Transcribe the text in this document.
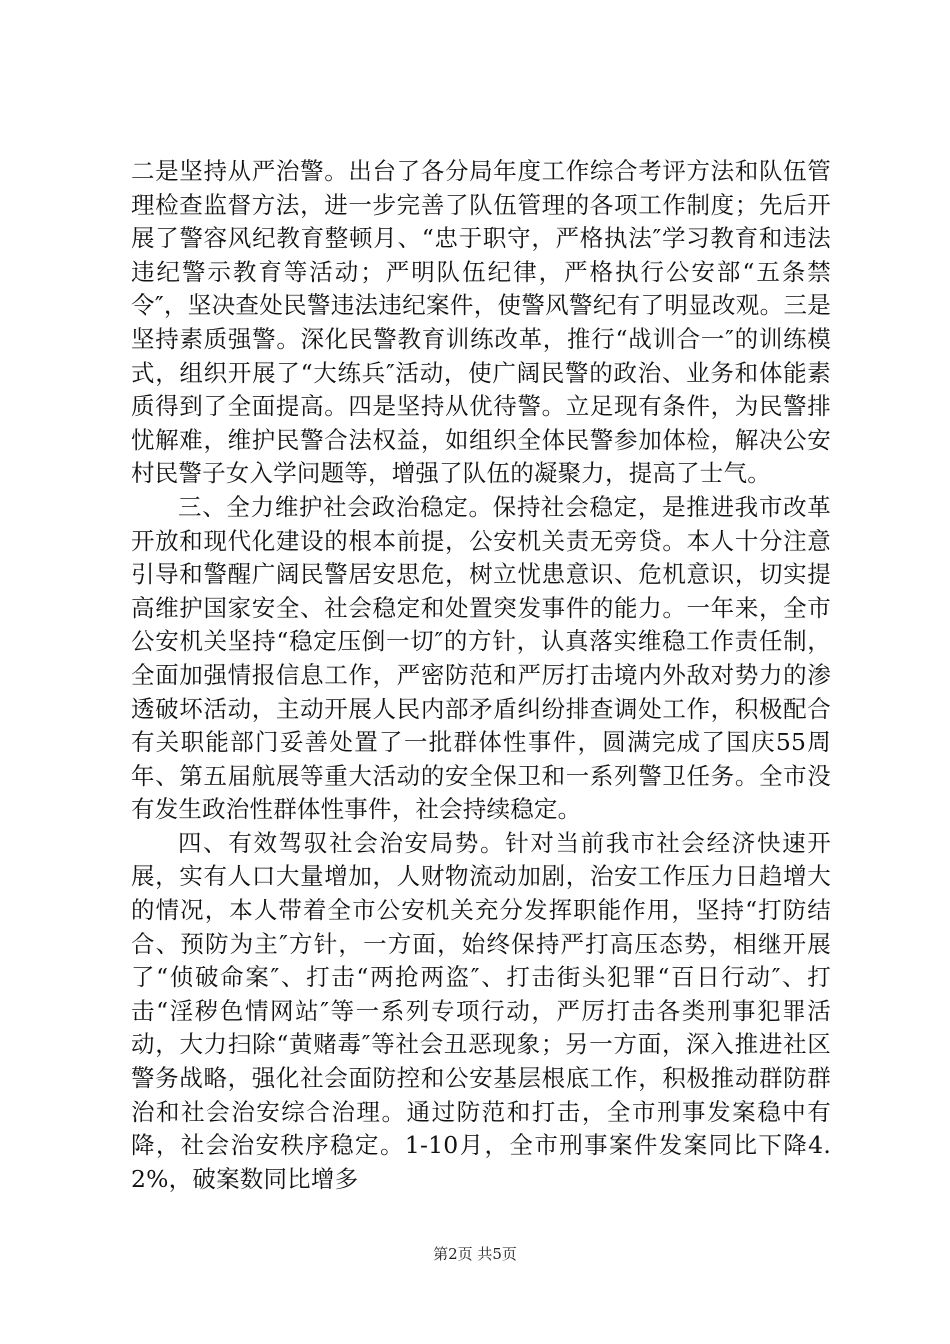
二是坚持从严治警。出台了各分局年度工作综合考评方法和队伍管理检查监督方法，进一步完善了队伍管理的各项工作制度；先后开展了警容风纪教育整顿月、“忠于职守，严格执法″学习教育和违法违纪警示教育等活动；严明队伍纪律，严格执行公安部“五条禁令″，坚决查处民警违法违纪案件，使警风警纪有了明显改观。三是坚持素质强警。深化民警教育训练改革，推行“战训合一″的训练模式，组织开展了“大练兵″活动，使广阔民警的政治、业务和体能素质得到了全面提高。四是坚持从优待警。立足现有条件，为民警排忧解难，维护民警合法权益，如组织全体民警参加体检，解决公安村民警子女入学问题等，增强了队伍的凝聚力，提高了士气。

三、全力维护社会政治稳定。保持社会稳定，是推进我市改革开放和现代化建设的根本前提，公安机关责无旁贷。本人十分注意引导和警醒广阔民警居安思危，树立忧患意识、危机意识，切实提高维护国家安全、社会稳定和处置突发事件的能力。一年来，全市公安机关坚持“稳定压倒一切″的方针，认真落实维稳工作责任制，全面加强情报信息工作，严密防范和严厉打击境内外敌对势力的渗透破坏活动，主动开展人民内部矛盾纠纷排查调处工作，积极配合有关职能部门妥善处置了一批群体性事件，圆满完成了国庆55周年、第五届航展等重大活动的安全保卫和一系列警卫任务。全市没有发生政治性群体性事件，社会持续稳定。

四、有效驾驭社会治安局势。针对当前我市社会经济快速开展，实有人口大量增加，人财物流动加剧，治安工作压力日趋增大的情况，本人带着全市公安机关充分发挥职能作用，坚持“打防结合、预防为主″方针，一方面，始终保持严打高压态势，相继开展了“侦破命案″、打击“两抢两盗″、打击街头犯罪“百日行动″、打击“淫秽色情网站″等一系列专项行动，严厉打击各类刑事犯罪活动，大力扫除“黄赌毒″等社会丑恶现象；另一方面，深入推进社区警务战略，强化社会面防控和公安基层根底工作，积极推动群防群治和社会治安综合治理。通过防范和打击，全市刑事发案稳中有降，社会治安秩序稳定。1-10月，全市刑事案件发案同比下降4.2%，破案数同比增多

第2页 共5页
